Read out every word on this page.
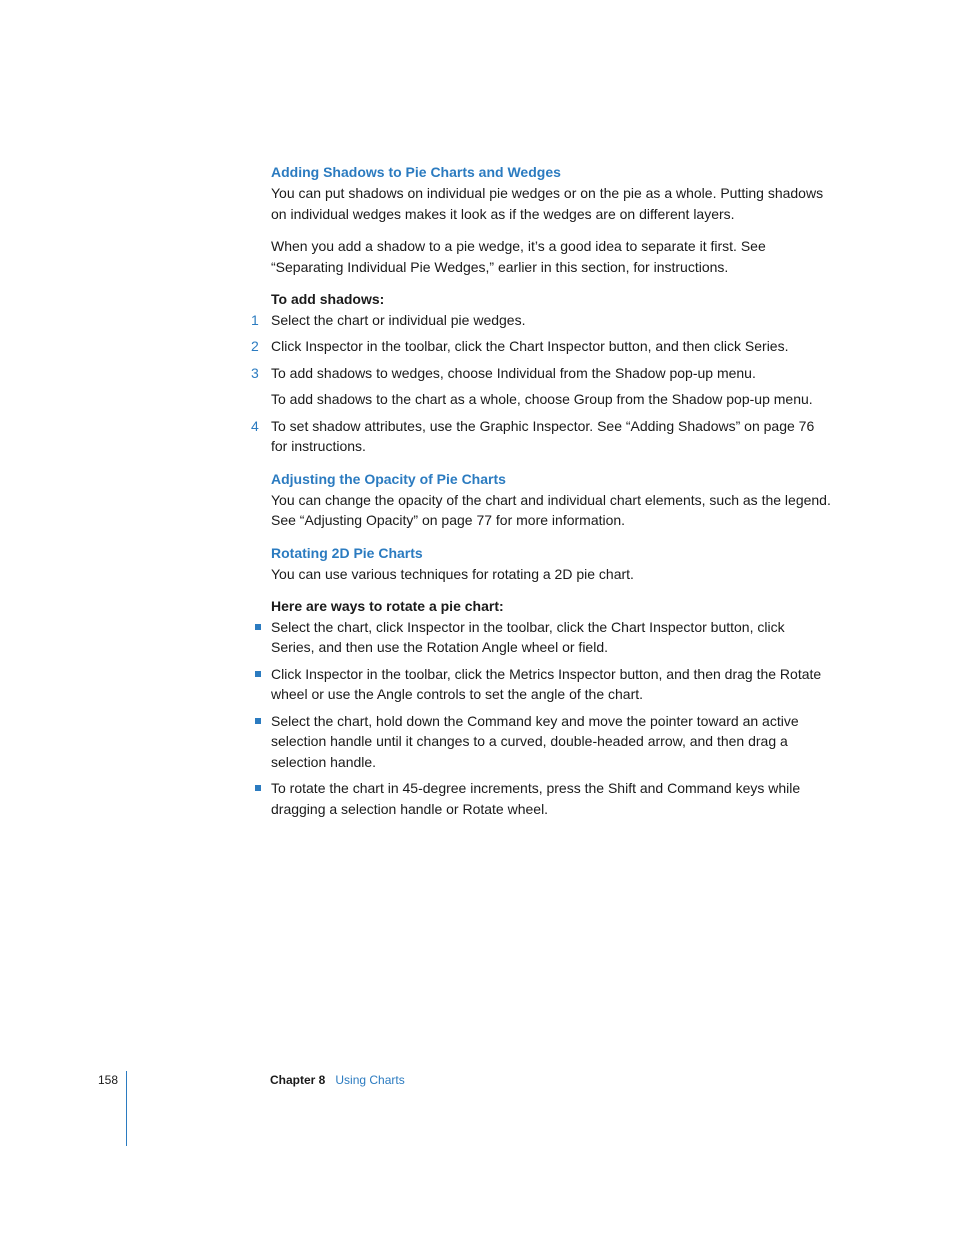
Adding Shadows to Pie Charts and Wedges

You can put shadows on individual pie wedges or on the pie as a whole. Putting shadows on individual wedges makes it look as if the wedges are on different layers.

When you add a shadow to a pie wedge, it’s a good idea to separate it first. See “Separating Individual Pie Wedges,” earlier in this section, for instructions.

To add shadows:

1 Select the chart or individual pie wedges.
2 Click Inspector in the toolbar, click the Chart Inspector button, and then click Series.
3 To add shadows to wedges, choose Individual from the Shadow pop-up menu.

To add shadows to the chart as a whole, choose Group from the Shadow pop-up menu.

4 To set shadow attributes, use the Graphic Inspector. See “Adding Shadows” on page 76 for instructions.
Adjusting the Opacity of Pie Charts

You can change the opacity of the chart and individual chart elements, such as the legend. See “Adjusting Opacity” on page 77 for more information.

Rotating 2D Pie Charts

You can use various techniques for rotating a 2D pie chart.

Here are ways to rotate a pie chart:

Select the chart, click Inspector in the toolbar, click the Chart Inspector button, click Series, and then use the Rotation Angle wheel or field.
Click Inspector in the toolbar, click the Metrics Inspector button, and then drag the Rotate wheel or use the Angle controls to set the angle of the chart.
Select the chart, hold down the Command key and move the pointer toward an active selection handle until it changes to a curved, double-headed arrow, and then drag a selection handle.
To rotate the chart in 45-degree increments, press the Shift and Command keys while dragging a selection handle or Rotate wheel.
158	Chapter 8 Using Charts
